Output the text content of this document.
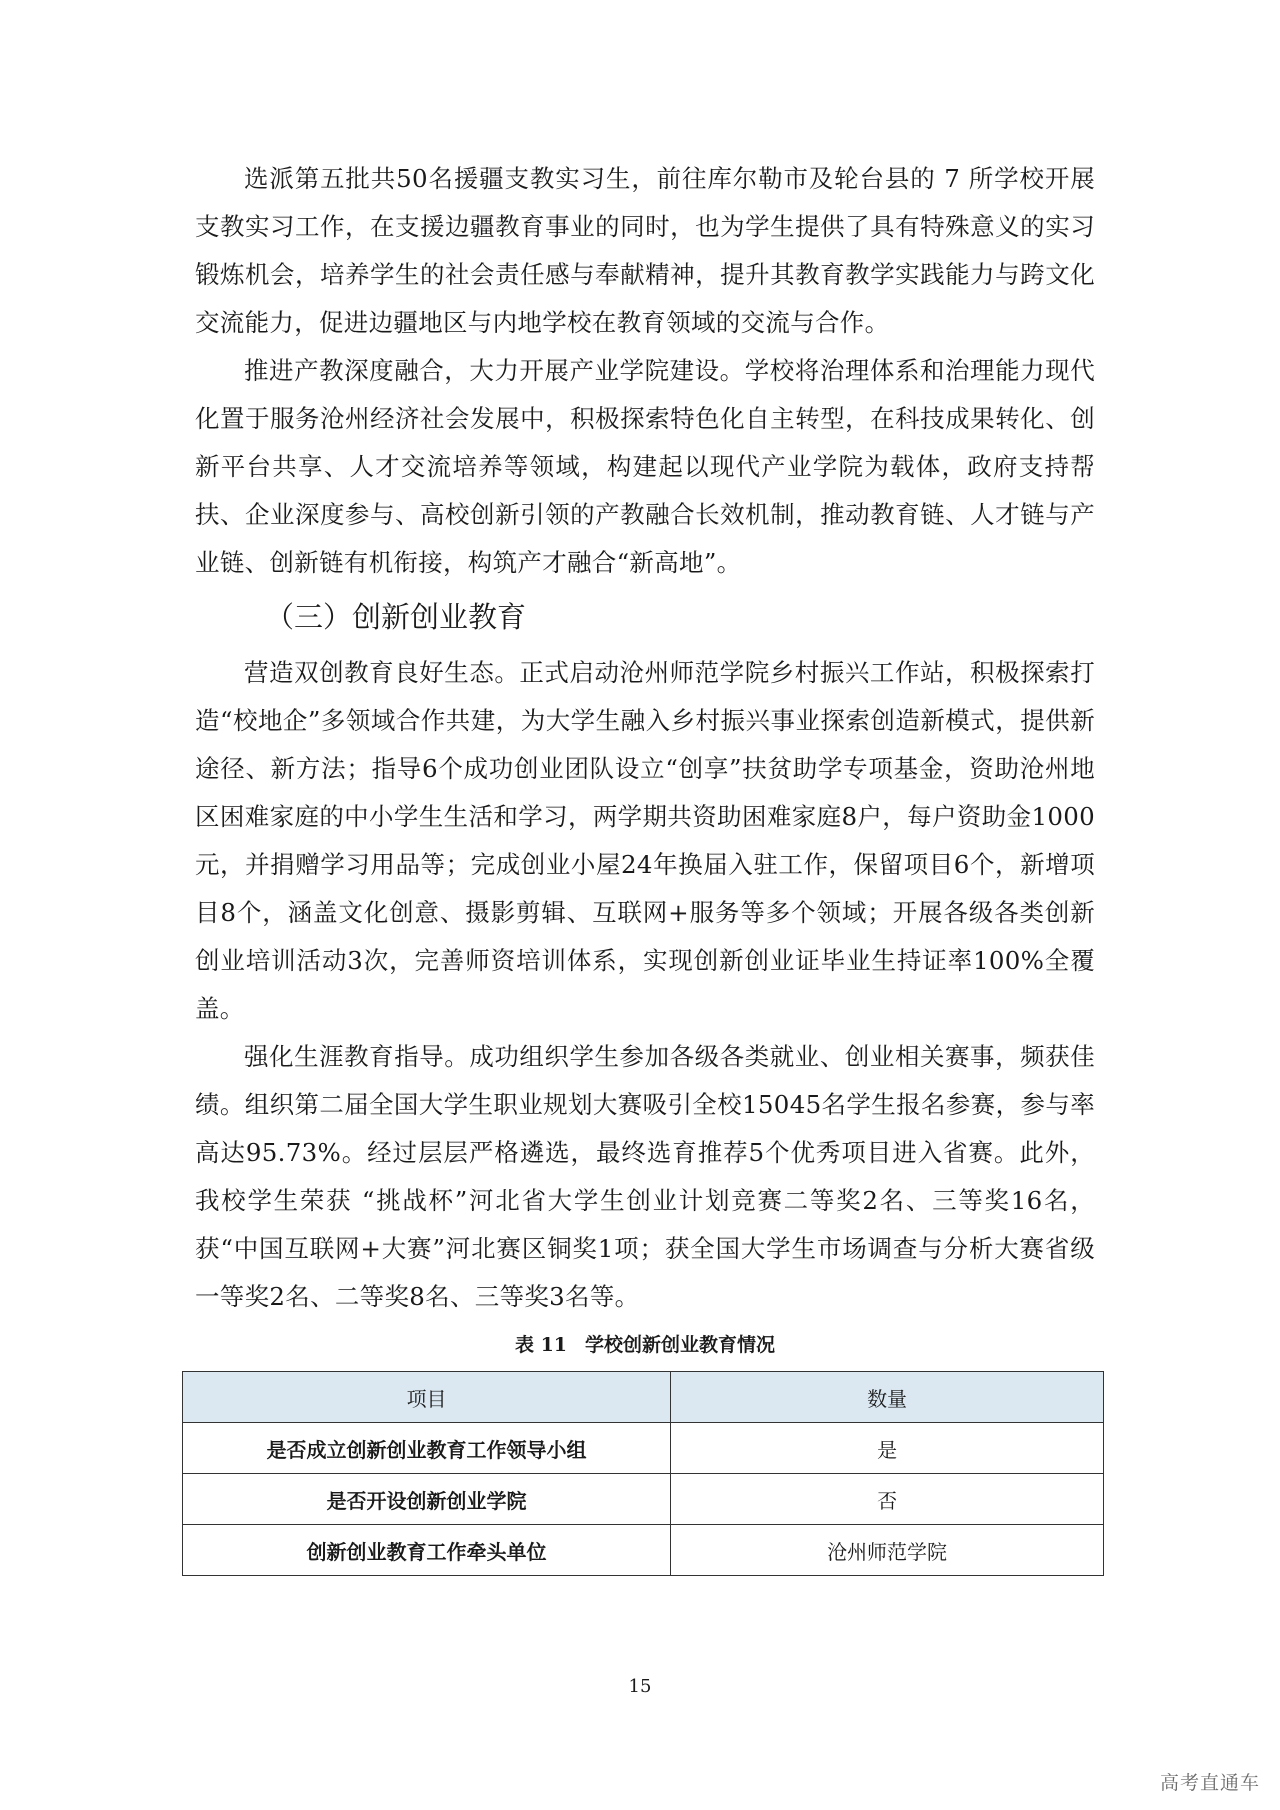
选派第五批共50名援疆支教实习生，前往库尔勒市及轮台县的 7 所学校开展支教实习工作，在支援边疆教育事业的同时，也为学生提供了具有特殊意义的实习锻炼机会，培养学生的社会责任感与奉献精神，提升其教育教学实践能力与跨文化交流能力，促进边疆地区与内地学校在教育领域的交流与合作。

推进产教深度融合，大力开展产业学院建设。学校将治理体系和治理能力现代化置于服务沧州经济社会发展中，积极探索特色化自主转型，在科技成果转化、创新平台共享、人才交流培养等领域，构建起以现代产业学院为载体，政府支持帮扶、企业深度参与、高校创新引领的产教融合长效机制，推动教育链、人才链与产业链、创新链有机衔接，构筑产才融合“新高地”。

（三）创新创业教育

营造双创教育良好生态。正式启动沧州师范学院乡村振兴工作站，积极探索打造“校地企”多领域合作共建，为大学生融入乡村振兴事业探索创造新模式，提供新途径、新方法；指导6个成功创业团队设立“创享”扶贫助学专项基金，资助沧州地区困难家庭的中小学生生活和学习，两学期共资助困难家庭8户，每户资助金1000元，并捐赠学习用品等；完成创业小屋24年换届入驻工作，保留项目6个，新增项目8个，涵盖文化创意、摄影剪辑、互联网+服务等多个领域；开展各级各类创新创业培训活动3次，完善师资培训体系，实现创新创业证毕业生持证率100%全覆盖。

强化生涯教育指导。成功组织学生参加各级各类就业、创业相关赛事，频获佳绩。组织第二届全国大学生职业规划大赛吸引全校15045名学生报名参赛，参与率高达95.73%。经过层层严格遴选，最终选育推荐5个优秀项目进入省赛。此外，我校学生荣获 “挑战杯”河北省大学生创业计划竞赛二等奖2名、三等奖16名，获“中国互联网+大赛”河北赛区铜奖1项；获全国大学生市场调查与分析大赛省级一等奖2名、二等奖8名、三等奖3名等。

表 11 学校创新创业教育情况
项目	数量
是否成立创新创业教育工作领导小组	是
是否开设创新创业学院	否
创新创业教育工作牵头单位	沧州师范学院
15
高考直通车
